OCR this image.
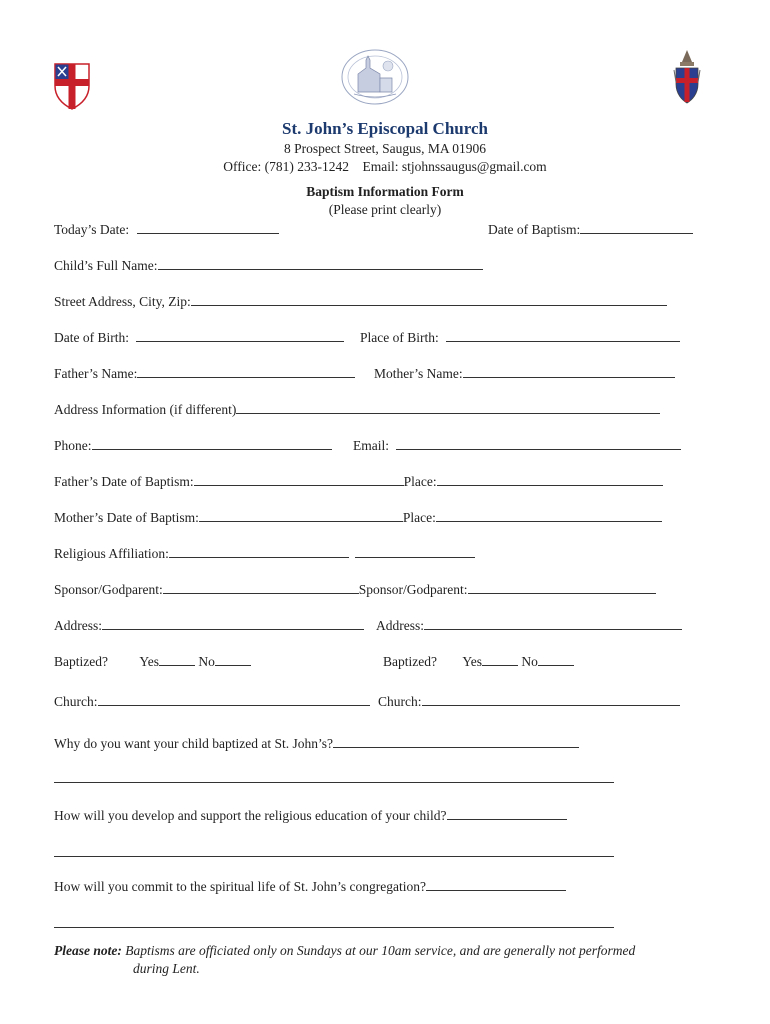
St. John’s Episcopal Church
8 Prospect Street, Saugus, MA 01906
Office: (781) 233-1242    Email: stjohnssaugus@gmail.com
Baptism Information Form
(Please print clearly)
Today’s Date:	Date of Baptism:
Child’s Full Name:
Street Address, City, Zip:
Date of Birth:	Place of Birth:
Father’s Name:	Mother’s Name:
Address Information (if different)
Phone:	Email:
Father’s Date of Baptism:	Place:
Mother’s Date of Baptism:	Place:
Religious Affiliation:
Sponsor/Godparent:	Sponsor/Godparent:
Address:	Address:
Baptized? Yes	No	Baptized? Yes	No
Church:	Church:
Why do you want your child baptized at St. John’s?
How will you develop and support the religious education of your child?
How will you commit to the spiritual life of St. John’s congregation?
Please note: Baptisms are officiated only on Sundays at our 10am service, and are generally not performed
during Lent.
